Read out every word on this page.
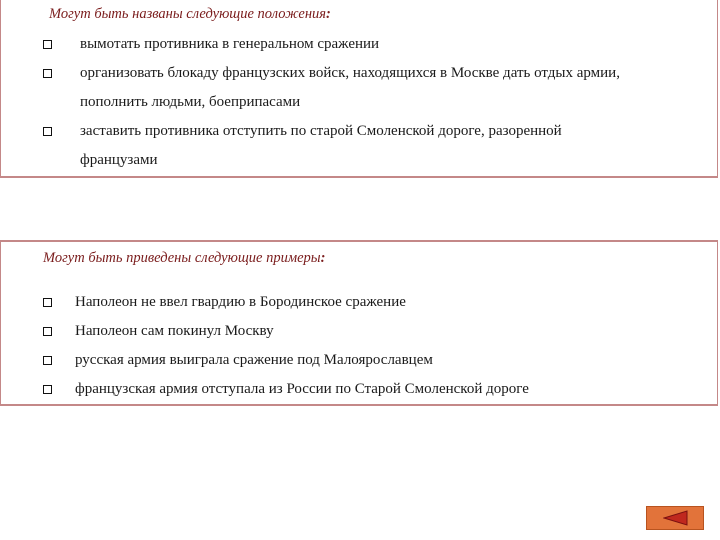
Могут быть названы следующие положения:
вымотать противника в генеральном сражении
организовать блокаду французских войск, находящихся в Москве дать отдых армии,
пополнить людьми, боеприпасами
заставить противника отступить по старой Смоленской дороге, разоренной
французами
Могут быть приведены следующие примеры:
Наполеон не ввел гвардию в Бородинское сражение
Наполеон сам покинул Москву
русская армия выиграла сражение под Малоярославцем
французская армия отступала из России по Старой Смоленской дороге
